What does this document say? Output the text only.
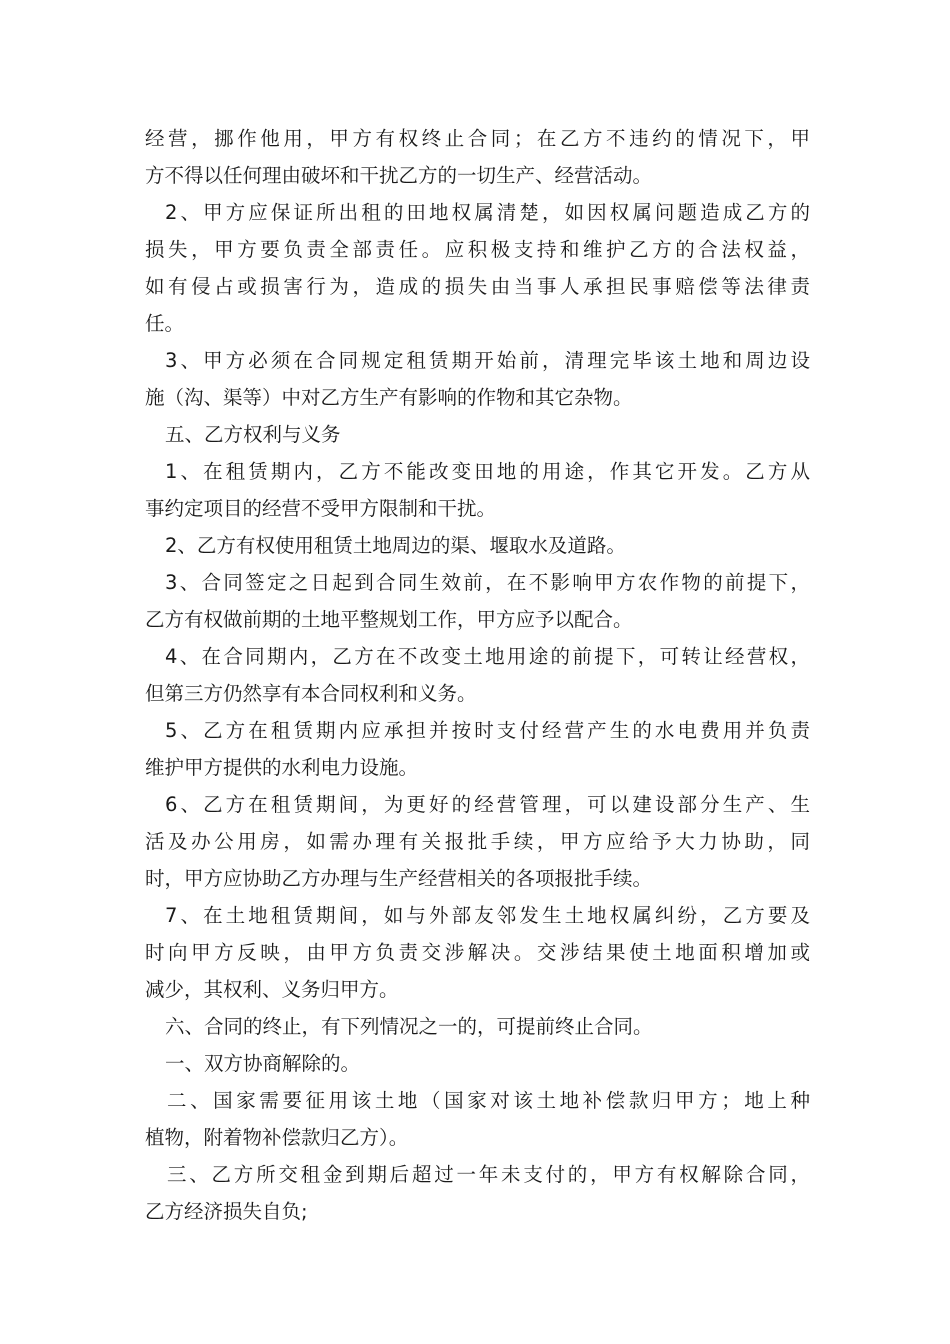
经营，挪作他用，甲方有权终止合同；在乙方不违约的情况下，甲
方不得以任何理由破坏和干扰乙方的一切生产、经营活动。
2、甲方应保证所出租的田地权属清楚，如因权属问题造成乙方的
损失，甲方要负责全部责任。应积极支持和维护乙方的合法权益，
如有侵占或损害行为，造成的损失由当事人承担民事赔偿等法律责
任。
3、甲方必须在合同规定租赁期开始前，清理完毕该土地和周边设
施（沟、渠等）中对乙方生产有影响的作物和其它杂物。
五、乙方权利与义务
1、在租赁期内，乙方不能改变田地的用途，作其它开发。乙方从
事约定项目的经营不受甲方限制和干扰。
2、乙方有权使用租赁土地周边的渠、堰取水及道路。
3、合同签定之日起到合同生效前，在不影响甲方农作物的前提下，
乙方有权做前期的土地平整规划工作，甲方应予以配合。
4、在合同期内，乙方在不改变土地用途的前提下，可转让经营权，
但第三方仍然享有本合同权利和义务。
5、乙方在租赁期内应承担并按时支付经营产生的水电费用并负责
维护甲方提供的水利电力设施。
6、乙方在租赁期间，为更好的经营管理，可以建设部分生产、生
活及办公用房，如需办理有关报批手续，甲方应给予大力协助，同
时，甲方应协助乙方办理与生产经营相关的各项报批手续。
7、在土地租赁期间，如与外部友邻发生土地权属纠纷，乙方要及
时向甲方反映，由甲方负责交涉解决。交涉结果使土地面积增加或
减少，其权利、义务归甲方。
六、合同的终止，有下列情况之一的，可提前终止合同。
一、双方协商解除的。
二、国家需要征用该土地（国家对该土地补偿款归甲方；地上种
植物，附着物补偿款归乙方）。
三、乙方所交租金到期后超过一年未支付的，甲方有权解除合同，
乙方经济损失自负;
